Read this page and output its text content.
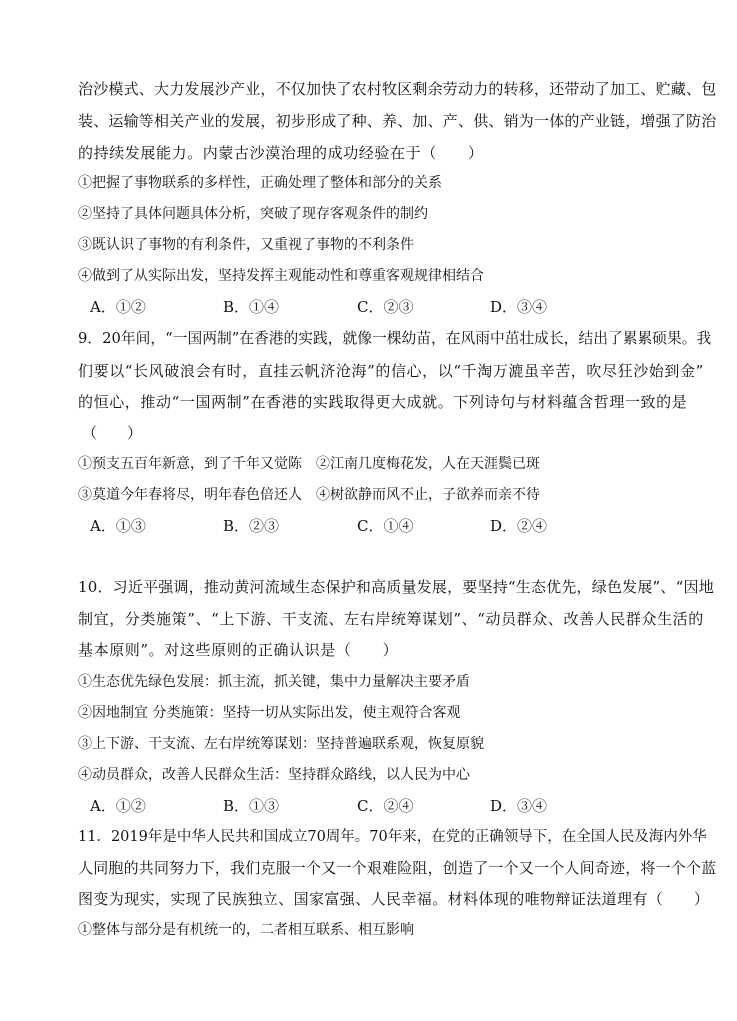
治沙模式、大力发展沙产业，不仅加快了农村牧区剩余劳动力的转移，还带动了加工、贮藏、包
装、运输等相关产业的发展，初步形成了种、养、加、产、供、销为一体的产业链，增强了防治
的持续发展能力。内蒙古沙漠治理的成功经验在于（　　）
①把握了事物联系的多样性，正确处理了整体和部分的关系
②坚持了具体问题具体分析，突破了现存客观条件的制约
③既认识了事物的有利条件，又重视了事物的不利条件
④做到了从实际出发，坚持发挥主观能动性和尊重客观规律相结合
A．①②	B．①④	C．②③	D．③④
9．20年间，“一国两制”在香港的实践，就像一棵幼苗，在风雨中茁壮成长，结出了累累硕果。我
们要以“长风破浪会有时，直挂云帆济沧海”的信心，以“千淘万漉虽辛苦，吹尽狂沙始到金”
的恒心，推动“一国两制”在香港的实践取得更大成就。下列诗句与材料蕴含哲理一致的是
（　　）
①预支五百年新意，到了千年又觉陈　②江南几度梅花发，人在天涯鬓已斑
③莫道今年春将尽，明年春色倍还人　④树欲静而风不止，子欲养而亲不待
A．①③	B．②③	C．①④	D．②④
10．习近平强调，推动黄河流域生态保护和高质量发展，要坚持“生态优先，绿色发展”、“因地
制宜，分类施策”、“上下游、干支流、左右岸统筹谋划”、“动员群众、改善人民群众生活的
基本原则”。对这些原则的正确认识是（　　）
①生态优先绿色发展：抓主流，抓关键，集中力量解决主要矛盾
②因地制宜 分类施策：坚持一切从实际出发，使主观符合客观
③上下游、干支流、左右岸统筹谋划：坚持普遍联系观，恢复原貌
④动员群众，改善人民群众生活：坚持群众路线，以人民为中心
A．①②	B．①③	C．②④	D．③④
11．2019年是中华人民共和国成立70周年。70年来，在党的正确领导下，在全国人民及海内外华
人同胞的共同努力下，我们克服一个又一个艰难险阻，创造了一个又一个人间奇迹，将一个个蓝
图变为现实，实现了民族独立、国家富强、人民幸福。材料体现的唯物辩证法道理有（　　）
①整体与部分是有机统一的，二者相互联系、相互影响
